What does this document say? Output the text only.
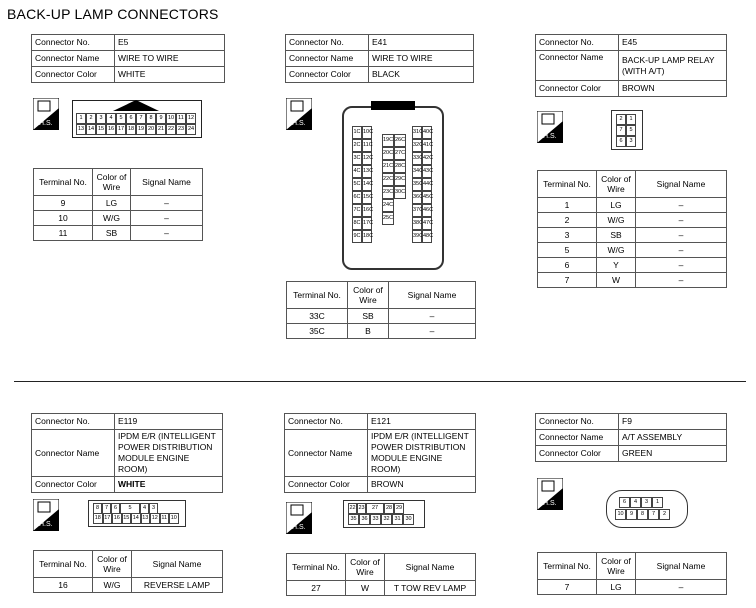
BACK-UP LAMP CONNECTORS
Connector No.	E5
Connector Name	WIRE TO WIRE
Connector Color	WHITE
H.S.
1	2	3	4	5	6	7	8	9 10 11 12
13 14 15 16 17 18 19 20 21 22 23 24
Terminal No.	Color of Wire	Signal Name
9	LG	–
10	W/G	–
11	SB	–
Connector No.	E41
Connector Name	WIRE TO WIRE
Connector Color	BLACK
H.S.
1C 10C
2C 11C
3C 12C
4C 13C
5C 14C
6C 15C
7C 16C
8C 17C
9C 18C
19C 26C
20C 27C
21C 28C
22C 29C
23C 30C
24C
25C
31C 40C
32C 41C
33C 42C
34C 43C
35C 44C
36C 45C
37C 46C
38C 47C
39C 48C
Terminal No.	Color of Wire	Signal Name
33C	SB	–
35C	B	–
Connector No.	E45
Connector Name	BACK-UP LAMP RELAY (WITH A/T)
Connector Color	BROWN
H.S.
2	1
7	5
6	3
Terminal No.	Color of Wire	Signal Name
1	LG	–
2	W/G	–
3	SB	–
5	W/G	–
6	Y	–
7	W	–
Connector No.	E119
Connector Name	IPDM E/R (INTELLIGENT POWER DISTRIBUTION MODULE ENGINE ROOM)
Connector Color	WHITE
H.S.
8	7	6	5	4	3
18 17 16 15 14 13 12 11 10
Terminal No.	Color of Wire	Signal Name
16	W/G	REVERSE LAMP
Connector No.	E121
Connector Name	IPDM E/R (INTELLIGENT POWER DISTRIBUTION MODULE ENGINE ROOM)
Connector Color	BROWN
H.S.
22 23	27	28 29
35 36 33 32 31 30
Terminal No.	Color of Wire	Signal Name
27	W	T TOW REV LAMP
Connector No.	F9
Connector Name	A/T ASSEMBLY
Connector Color	GREEN
H.S.	6	4	3	1
10	9	8	7	2
Terminal No.	Color of Wire	Signal Name
7	LG	–
